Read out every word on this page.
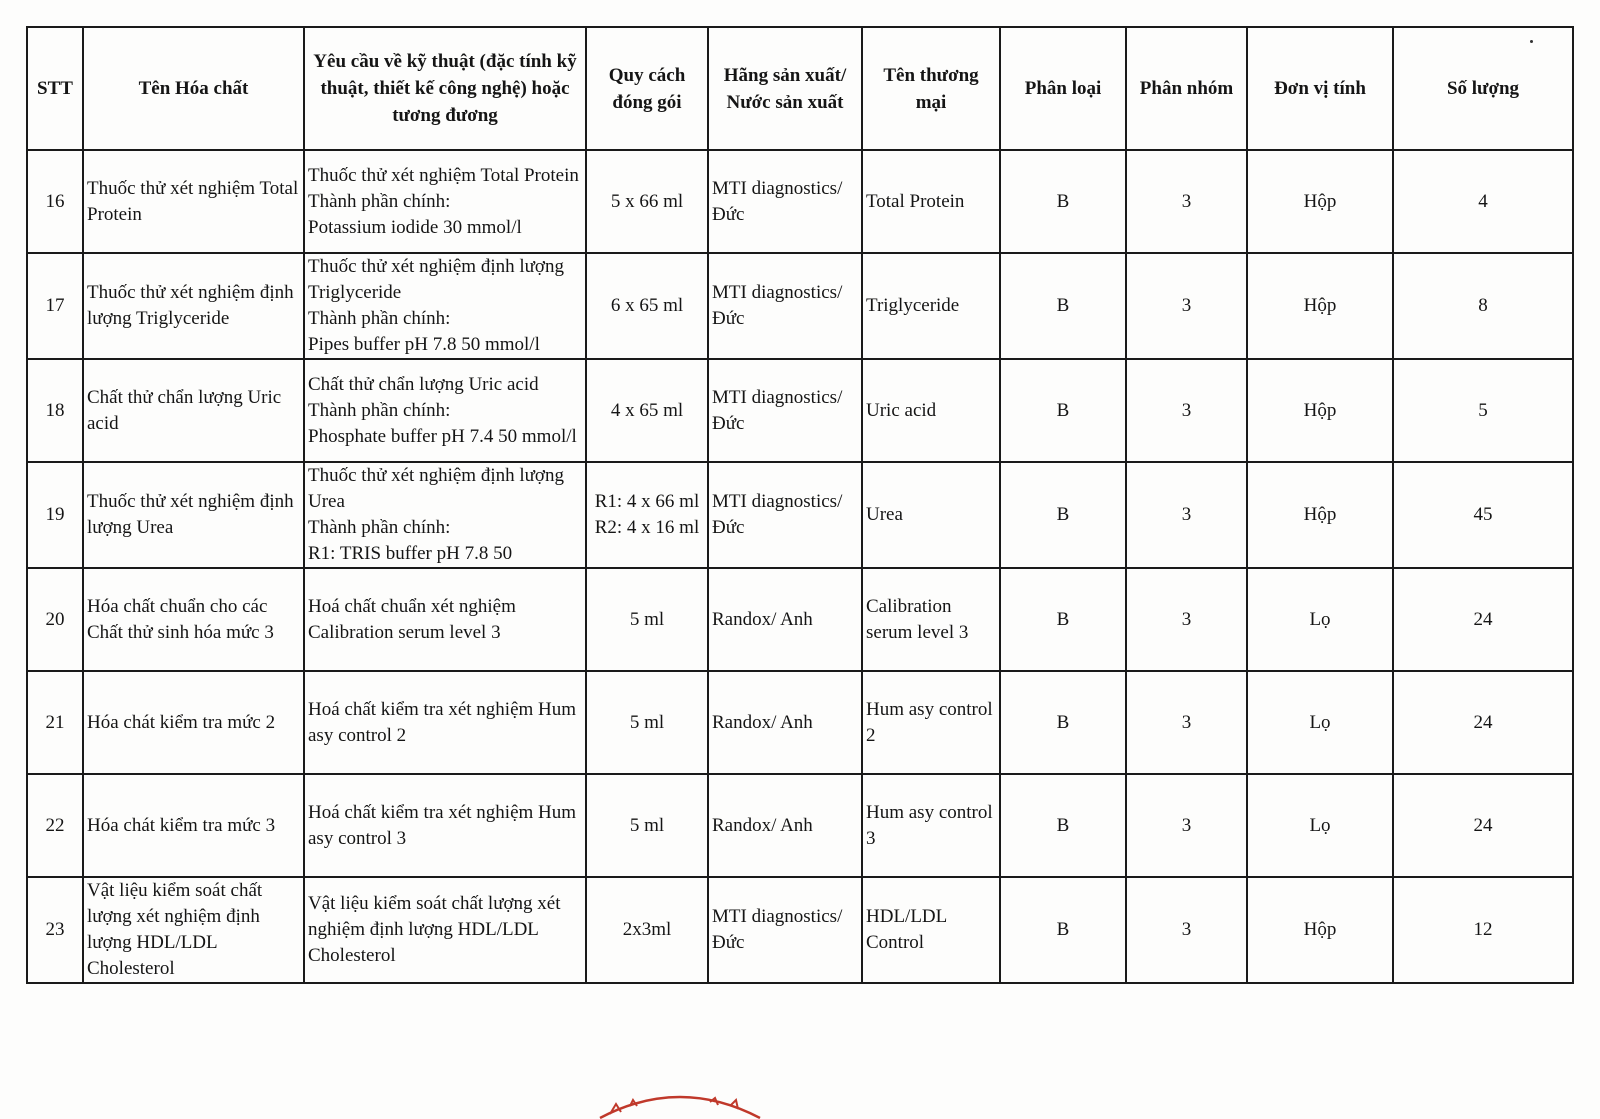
STT	Tên Hóa chất	Yêu cầu về kỹ thuật (đặc tính kỹ thuật, thiết kế công nghệ) hoặc tương đương	Quy cách đóng gói	Hãng sản xuất/ Nước sản xuất	Tên thương mại	Phân loại	Phân nhóm	Đơn vị tính	Số lượng
16	Thuốc thử xét nghiệm Total Protein	Thuốc thử xét nghiệm Total Protein
Thành phần chính:
Potassium iodide 30 mmol/l	5 x 66 ml	MTI diagnostics/ Đức	Total Protein	B	3	Hộp	4
17	Thuốc thử xét nghiệm định lượng Triglyceride	Thuốc thử xét nghiệm định lượng Triglyceride
Thành phần chính:
Pipes buffer pH 7.8 50 mmol/l	6 x 65 ml	MTI diagnostics/ Đức	Triglyceride	B	3	Hộp	8
18	Chất thử chẩn lượng Uric acid	Chất thử chẩn lượng Uric acid
Thành phần chính:
Phosphate buffer pH 7.4 50 mmol/l	4 x 65 ml	MTI diagnostics/ Đức	Uric acid	B	3	Hộp	5
19	Thuốc thử xét nghiệm định lượng Urea	Thuốc thử xét nghiệm định lượng Urea
Thành phần chính:
R1: TRIS buffer pH 7.8 50	R1: 4 x 66 ml
R2: 4 x 16 ml	MTI diagnostics/ Đức	Urea	B	3	Hộp	45
20	Hóa chất chuẩn cho các Chất thử sinh hóa mức 3	Hoá chất chuẩn xét nghiệm Calibration serum level 3	5 ml	Randox/ Anh	Calibration serum level 3	B	3	Lọ	24
21	Hóa chát kiểm tra mức 2	Hoá chất kiểm tra xét nghiệm Hum asy control 2	5 ml	Randox/ Anh	Hum asy control 2	B	3	Lọ	24
22	Hóa chát kiểm tra mức 3	Hoá chất kiểm tra xét nghiệm Hum asy control 3	5 ml	Randox/ Anh	Hum asy control 3	B	3	Lọ	24
23	Vật liệu kiểm soát chất lượng xét nghiệm định lượng HDL/LDL Cholesterol	Vật liệu kiểm soát chất lượng xét nghiệm định lượng HDL/LDL Cholesterol	2x3ml	MTI diagnostics/ Đức	HDL/LDL Control	B	3	Hộp	12
